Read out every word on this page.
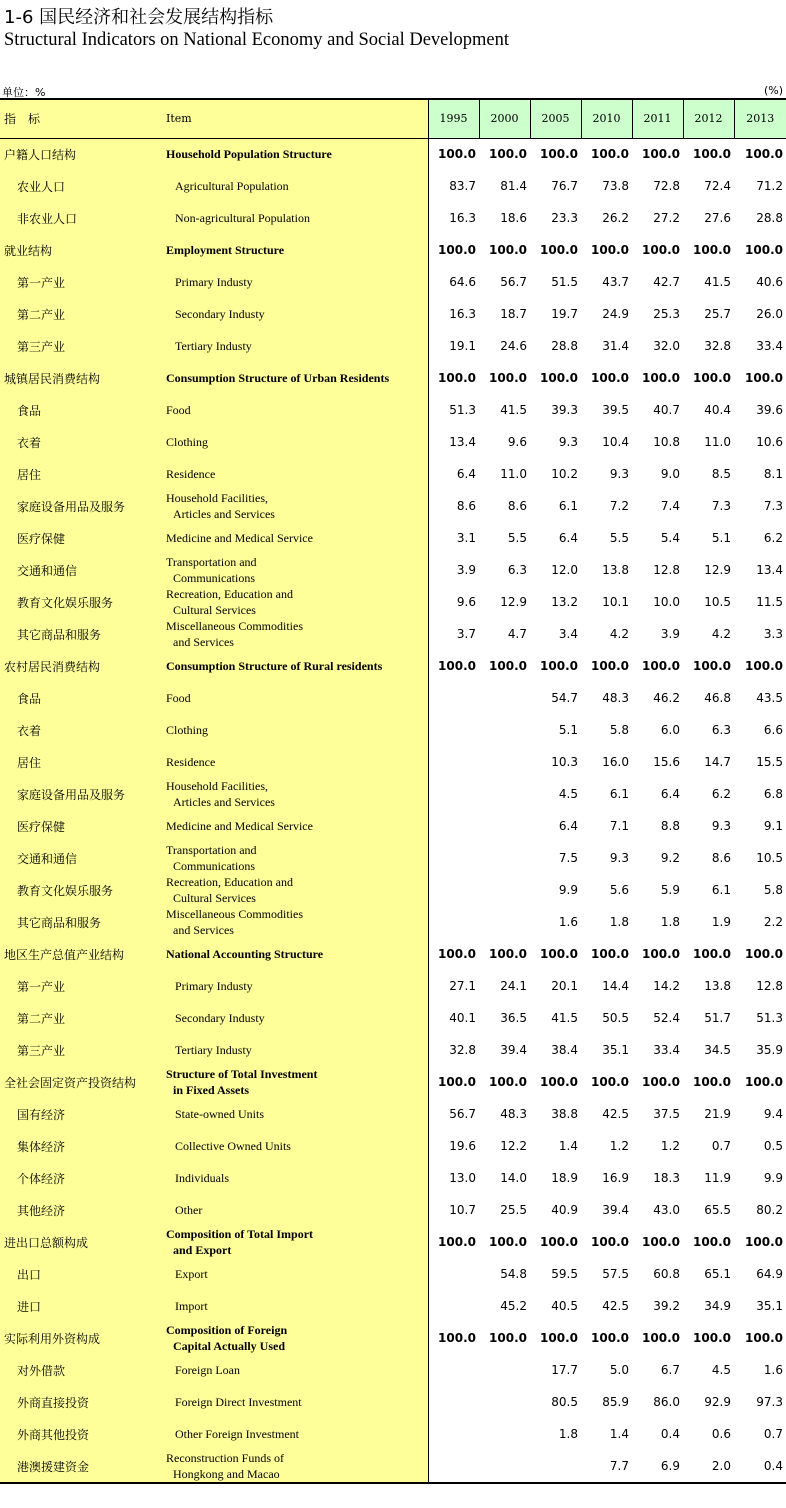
1-6 国民经济和社会发展结构指标
Structural Indicators on National Economy and Social Development
单位：%	(%)
指　标	Item	1995	2000	2005	2010	2011	2012	2013
户籍人口结构	Household Population Structure	100.0	100.0	100.0	100.0	100.0	100.0	100.0
农业人口	Agricultural Population	83.7	81.4	76.7	73.8	72.8	72.4	71.2
非农业人口	Non-agricultural Population	16.3	18.6	23.3	26.2	27.2	27.6	28.8
就业结构	Employment Structure	100.0	100.0	100.0	100.0	100.0	100.0	100.0
第一产业	Primary Industy	64.6	56.7	51.5	43.7	42.7	41.5	40.6
第二产业	Secondary Industy	16.3	18.7	19.7	24.9	25.3	25.7	26.0
第三产业	Tertiary Industy	19.1	24.6	28.8	31.4	32.0	32.8	33.4
城镇居民消费结构	Consumption Structure of Urban Residents	100.0	100.0	100.0	100.0	100.0	100.0	100.0
食品	Food	51.3	41.5	39.3	39.5	40.7	40.4	39.6
衣着	Clothing	13.4	9.6	9.3	10.4	10.8	11.0	10.6
居住	Residence	6.4	11.0	10.2	9.3	9.0	8.5	8.1
家庭设备用品及服务	Household Facilities,
Articles and Services	8.6	8.6	6.1	7.2	7.4	7.3	7.3
医疗保健	Medicine and Medical Service	3.1	5.5	6.4	5.5	5.4	5.1	6.2
交通和通信	Transportation and
Communications	3.9	6.3	12.0	13.8	12.8	12.9	13.4
教育文化娱乐服务	Recreation, Education and
Cultural Services	9.6	12.9	13.2	10.1	10.0	10.5	11.5
其它商品和服务	Miscellaneous Commodities
and Services	3.7	4.7	3.4	4.2	3.9	4.2	3.3
农村居民消费结构	Consumption Structure of Rural residents	100.0	100.0	100.0	100.0	100.0	100.0	100.0
食品	Food			54.7	48.3	46.2	46.8	43.5
衣着	Clothing			5.1	5.8	6.0	6.3	6.6
居住	Residence			10.3	16.0	15.6	14.7	15.5
家庭设备用品及服务	Household Facilities,
Articles and Services			4.5	6.1	6.4	6.2	6.8
医疗保健	Medicine and Medical Service			6.4	7.1	8.8	9.3	9.1
交通和通信	Transportation and
Communications			7.5	9.3	9.2	8.6	10.5
教育文化娱乐服务	Recreation, Education and
Cultural Services			9.9	5.6	5.9	6.1	5.8
其它商品和服务	Miscellaneous Commodities
and Services			1.6	1.8	1.8	1.9	2.2
地区生产总值产业结构	National Accounting Structure	100.0	100.0	100.0	100.0	100.0	100.0	100.0
第一产业	Primary Industy	27.1	24.1	20.1	14.4	14.2	13.8	12.8
第二产业	Secondary Industy	40.1	36.5	41.5	50.5	52.4	51.7	51.3
第三产业	Tertiary Industy	32.8	39.4	38.4	35.1	33.4	34.5	35.9
全社会固定资产投资结构	Structure of Total Investment
in Fixed Assets	100.0	100.0	100.0	100.0	100.0	100.0	100.0
国有经济	State-owned Units	56.7	48.3	38.8	42.5	37.5	21.9	9.4
集体经济	Collective Owned Units	19.6	12.2	1.4	1.2	1.2	0.7	0.5
个体经济	Individuals	13.0	14.0	18.9	16.9	18.3	11.9	9.9
其他经济	Other	10.7	25.5	40.9	39.4	43.0	65.5	80.2
进出口总额构成	Composition of Total Import
and Export	100.0	100.0	100.0	100.0	100.0	100.0	100.0
出口	Export		54.8	59.5	57.5	60.8	65.1	64.9
进口	Import		45.2	40.5	42.5	39.2	34.9	35.1
实际利用外资构成	Composition of Foreign
Capital Actually Used	100.0	100.0	100.0	100.0	100.0	100.0	100.0
对外借款	Foreign Loan			17.7	5.0	6.7	4.5	1.6
外商直接投资	Foreign Direct Investment			80.5	85.9	86.0	92.9	97.3
外商其他投资	Other Foreign Investment			1.8	1.4	0.4	0.6	0.7
港澳援建资金	Reconstruction Funds of
Hongkong and Macao				7.7	6.9	2.0	0.4
